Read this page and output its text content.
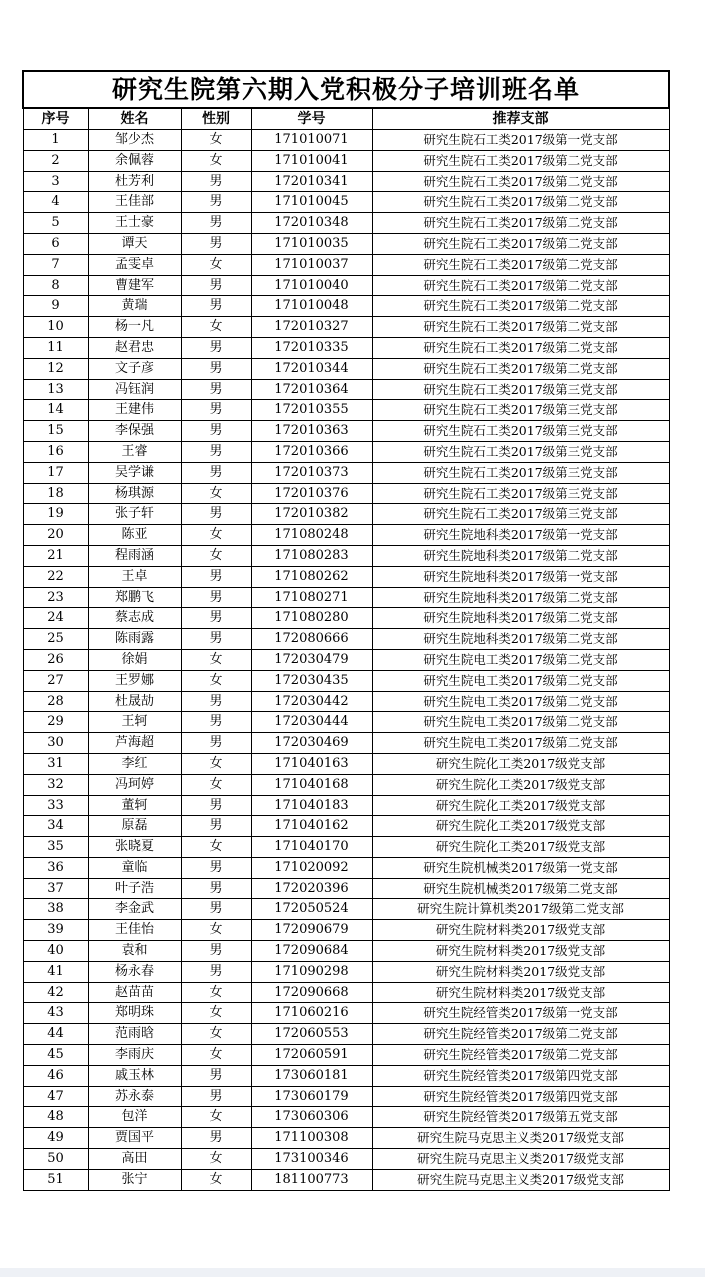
研究生院第六期入党积极分子培训班名单				
序号	姓名	性别	学号	推荐支部
1	邹少杰	女	171010071	研究生院石工类2017级第一党支部
2	余佩蓉	女	171010041	研究生院石工类2017级第二党支部
3	杜芳利	男	172010341	研究生院石工类2017级第二党支部
4	王佳部	男	171010045	研究生院石工类2017级第二党支部
5	王士豪	男	172010348	研究生院石工类2017级第二党支部
6	谭天	男	171010035	研究生院石工类2017级第二党支部
7	孟雯卓	女	171010037	研究生院石工类2017级第二党支部
8	曹建军	男	171010040	研究生院石工类2017级第二党支部
9	黄瑞	男	171010048	研究生院石工类2017级第二党支部
10	杨一凡	女	172010327	研究生院石工类2017级第二党支部
11	赵君忠	男	172010335	研究生院石工类2017级第二党支部
12	文子彦	男	172010344	研究生院石工类2017级第二党支部
13	冯钰润	男	172010364	研究生院石工类2017级第三党支部
14	王建伟	男	172010355	研究生院石工类2017级第三党支部
15	李保强	男	172010363	研究生院石工类2017级第三党支部
16	王睿	男	172010366	研究生院石工类2017级第三党支部
17	吴学谦	男	172010373	研究生院石工类2017级第三党支部
18	杨琪源	女	172010376	研究生院石工类2017级第三党支部
19	张子轩	男	172010382	研究生院石工类2017级第三党支部
20	陈亚	女	171080248	研究生院地科类2017级第一党支部
21	程雨涵	女	171080283	研究生院地科类2017级第二党支部
22	王卓	男	171080262	研究生院地科类2017级第一党支部
23	郑鹏飞	男	171080271	研究生院地科类2017级第二党支部
24	蔡志成	男	171080280	研究生院地科类2017级第二党支部
25	陈雨露	男	172080666	研究生院地科类2017级第二党支部
26	徐娟	女	172030479	研究生院电工类2017级第二党支部
27	王罗娜	女	172030435	研究生院电工类2017级第二党支部
28	杜晟劼	男	172030442	研究生院电工类2017级第二党支部
29	王轲	男	172030444	研究生院电工类2017级第二党支部
30	芦海超	男	172030469	研究生院电工类2017级第二党支部
31	李红	女	171040163	研究生院化工类2017级党支部
32	冯珂婷	女	171040168	研究生院化工类2017级党支部
33	董轲	男	171040183	研究生院化工类2017级党支部
34	原磊	男	171040162	研究生院化工类2017级党支部
35	张晓夏	女	171040170	研究生院化工类2017级党支部
36	童临	男	171020092	研究生院机械类2017级第一党支部
37	叶子浩	男	172020396	研究生院机械类2017级第二党支部
38	李金武	男	172050524	研究生院计算机类2017级第二党支部
39	王佳怡	女	172090679	研究生院材料类2017级党支部
40	袁和	男	172090684	研究生院材料类2017级党支部
41	杨永春	男	171090298	研究生院材料类2017级党支部
42	赵苗苗	女	172090668	研究生院材料类2017级党支部
43	郑明珠	女	171060216	研究生院经管类2017级第一党支部
44	范雨晗	女	172060553	研究生院经管类2017级第二党支部
45	李雨庆	女	172060591	研究生院经管类2017级第二党支部
46	戚玉林	男	173060181	研究生院经管类2017级第四党支部
47	苏永泰	男	173060179	研究生院经管类2017级第四党支部
48	包洋	女	173060306	研究生院经管类2017级第五党支部
49	贾国平	男	171100308	研究生院马克思主义类2017级党支部
50	高田	女	173100346	研究生院马克思主义类2017级党支部
51	张宁	女	181100773	研究生院马克思主义类2017级党支部
